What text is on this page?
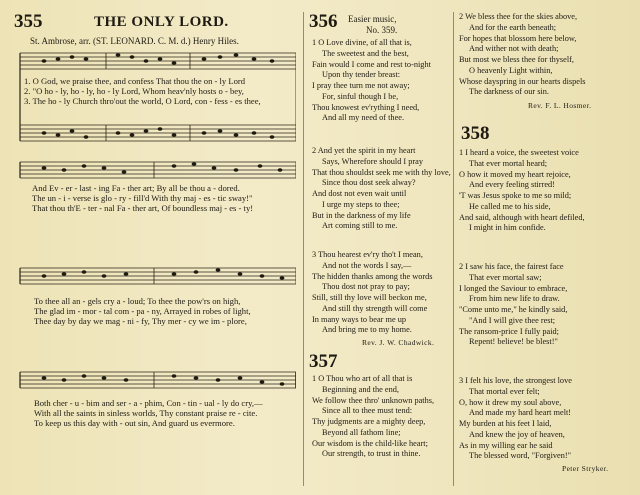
355	THE ONLY LORD.
St. Ambrose, arr. (ST. LEONARD. C. M. d.) Henry Hiles.
1. O God, we praise thee, and confess That thou the on - ly Lord
2. "O ho - ly, ho - ly, ho - ly Lord, Whom heav'nly hosts o - bey,
3. The ho - ly Church thro'out the world, O Lord, con - fess - es thee,
And Ev - er - last - ing Fa - ther art; By all be thou a - dored.
The un - i - verse is glo - ry - fill'd With thy maj - es - tic sway!"
That thou th'E - ter - nal Fa - ther art, Of boundless maj - es - ty!
To thee all an - gels cry a - loud; To thee the pow'rs on high,
The glad im - mor - tal com - pa - ny, Arrayed in robes of light,
Thee day by day we mag - ni - fy, Thy mer - cy we im - plore,
Both cher - u - bim and ser - a - phim, Con - tin - ual - ly do cry,—
With all the saints in sinless worlds, Thy constant praise re - cite.
To keep us this day with - out sin, And guard us evermore.
356 Easier music,
No. 359.
1 O Love divine, of all that is,
The sweetest and the best,
Fain would I come and rest to-night
Upon thy tender breast:
I pray thee turn me not away;
For, sinful though I be,
Thou knowest ev'rything I need,
And all my need of thee.
2 And yet the spirit in my heart
Says, Wherefore should I pray
That thou shouldst seek me with thy love,
Since thou dost seek alway?
And dost not even wait until
I urge my steps to thee;
But in the darkness of my life
Art coming still to me.
3 Thou hearest ev'ry tho't I mean,
And not the words I say,—
The hidden thanks among the words
Thou dost not pray to pay;
Still, still thy love will beckon me,
And still thy strength will come
In many ways to bear me up
And bring me to my home.
Rev. J. W. Chadwick.
357
1 O Thou who art of all that is
Beginning and the end,
We follow thee thro' unknown paths,
Since all to thee must tend:
Thy judgments are a mighty deep,
Beyond all fathom line;
Our wisdom is the child-like heart;
Our strength, to trust in thine.
2 We bless thee for the skies above,
And for the earth beneath;
For hopes that blossom here below,
And wither not with death;
But most we bless thee for thyself,
O heavenly Light within,
Whose dayspring in our hearts dispels
The darkness of our sin.
Rev. F. L. Hosmer.
358
1 I heard a voice, the sweetest voice
That ever mortal heard;
O how it moved my heart rejoice,
And every feeling stirred!
'T was Jesus spoke to me so mild;
He called me to his side,
And said, although with heart defiled,
I might in him confide.
2 I saw his face, the fairest face
That ever mortal saw;
I longed the Saviour to embrace,
From him new life to draw.
"Come unto me," he kindly said,
"And I will give thee rest;
The ransom-price I fully paid;
Repent! believe! be blest!"
3 I felt his love, the strongest love
That mortal ever felt;
O, how it drew my soul above,
And made my hard heart melt!
My burden at his feet I laid,
And knew the joy of heaven,
As in my willing ear he said
The blessed word, "Forgiven!"
Peter Stryker.
